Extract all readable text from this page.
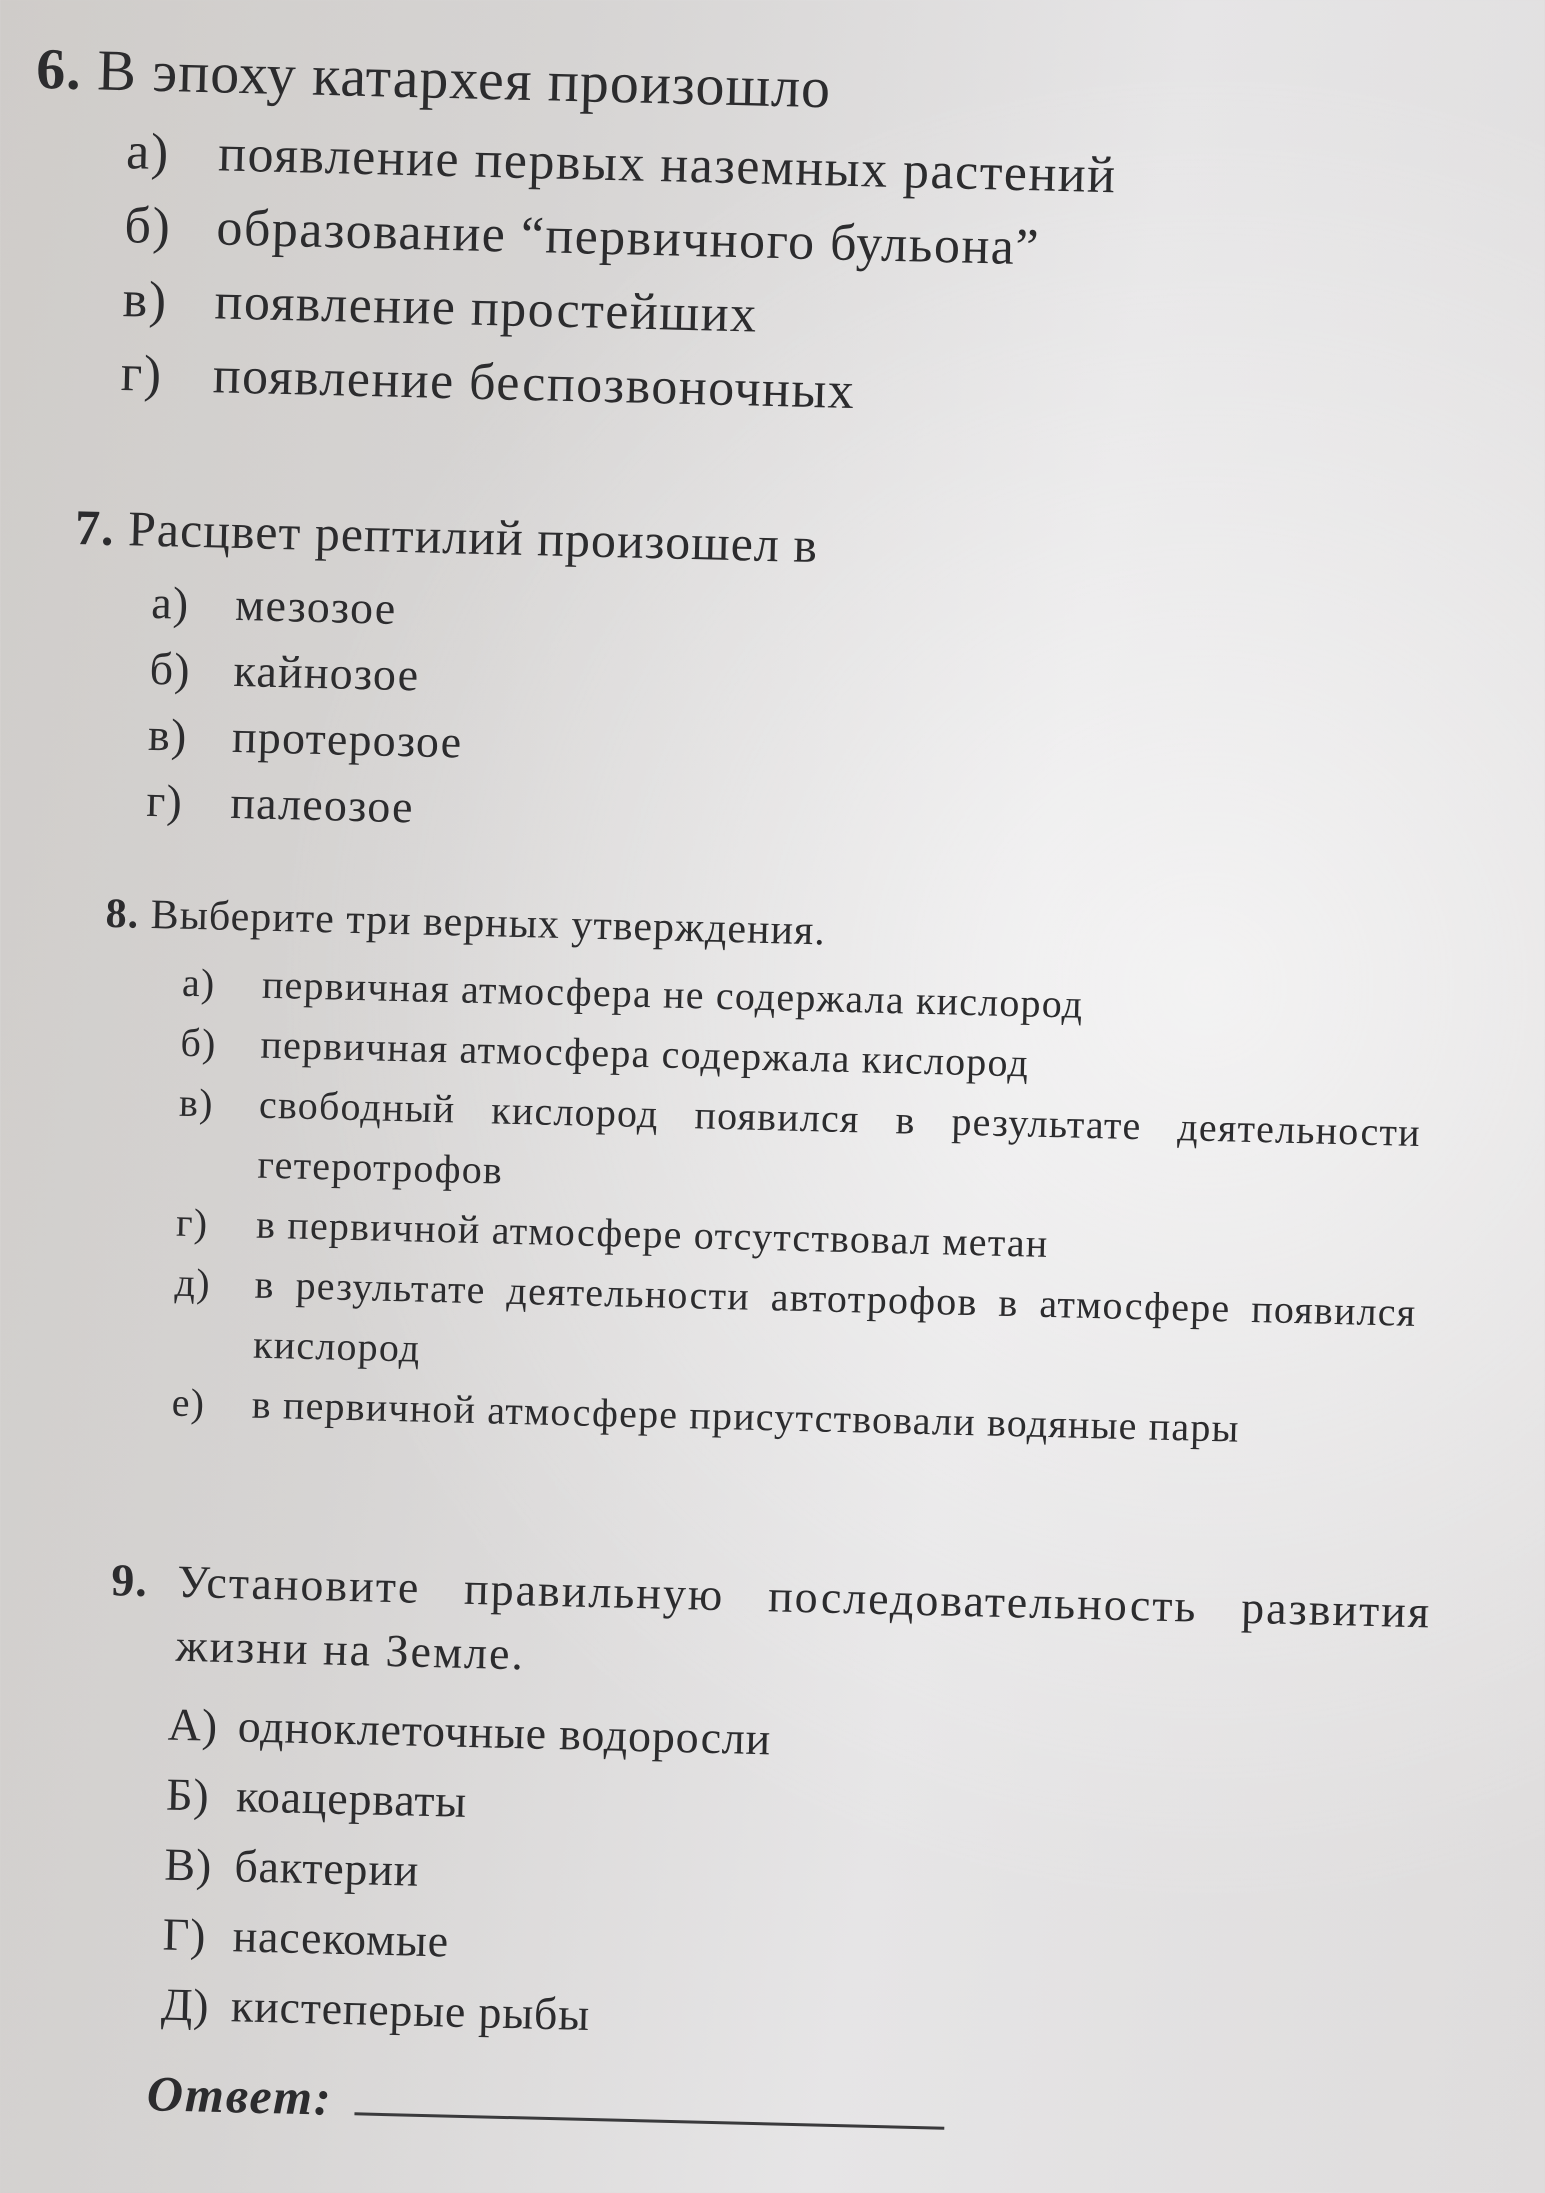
6. В эпоху катархея произошло
а) появление первых наземных растений
б) образование “первичного бульона”
в) появление простейших
г) появление беспозвоночных
7. Расцвет рептилий произошел в
а) мезозое
б) кайнозое
в) протерозое
г)	палеозое
8. Выберите три верных утверждения.
а)	первичная атмосфера не содержала кислород
б)	первичная атмосфера содержала кислород
в)	свободный кислород появился в результате деятельности гетеротрофов
г)	в первичной атмосфере отсутствовал метан
д)	в результате деятельности автотрофов в атмосфере появился кислород
е)	в первичной атмосфере присутствовали водяные пары
9. Установите правильную последовательность развития жизни на Земле.
А) одноклеточные водоросли
Б) коацерваты
В) бактерии
Г) насекомые
Д) кистеперые рыбы
Ответ:
